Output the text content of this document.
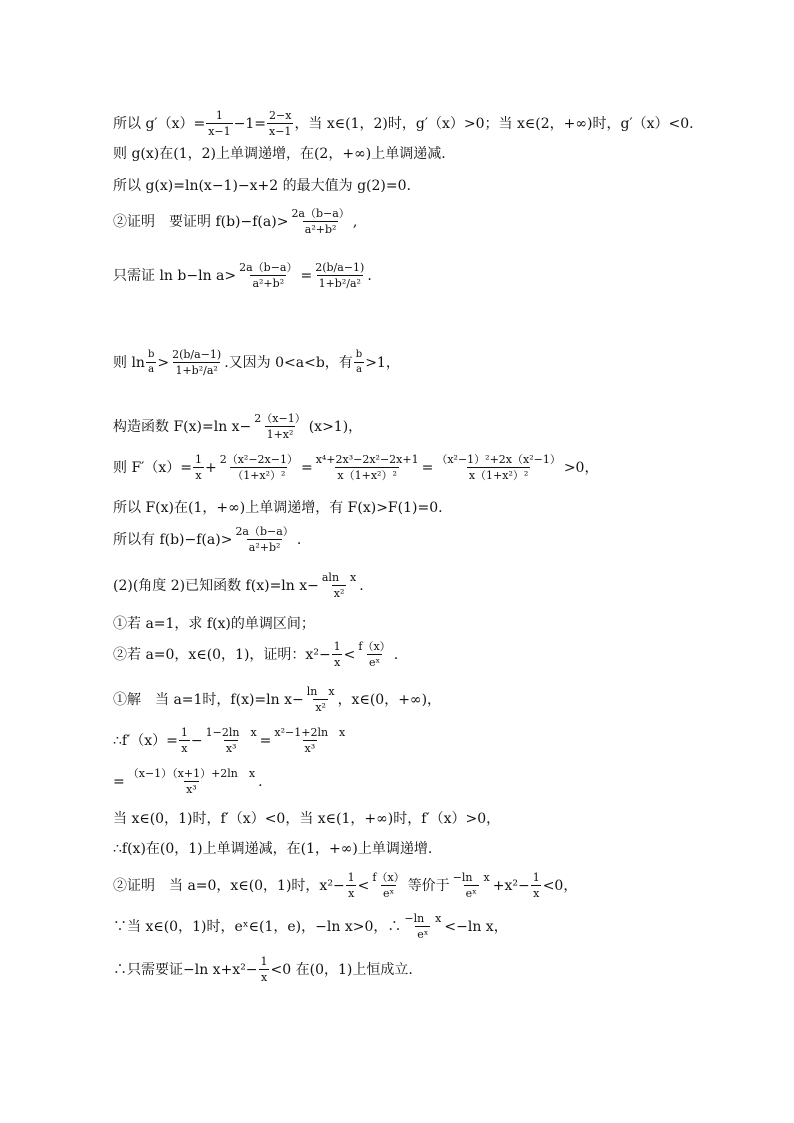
所以 $g'(x)= \frac{1}{x-1} -1= \frac{2-x}{x-1}$ ，当 x∈(1，2)时，g′（x）>0；当 x∈(2，+∞)时，g′（x）<0.
则 g(x)在(1，2)上单调递增，在(2，+∞)上单调递减.
所以 g(x)=ln(x−1)−x+2 的最大值为 g(2)=0.
②证明　要证明 $f(b)-f(a)> \frac{2a(b-a)}{\text{a²+b²}}$ ,
只需证 ln b−ln $a> \frac{2a(b-a)}{\text{a²+b²}} = \frac{2(b/a-1)}{\text{1+b²/a²}}$ .
则 $\ln \frac{b}{a} > \frac{2(b/a-1)}{\text{1+b²/a²}}$ .又因为 0<a<b，有 $\frac{b}{a} >1$，
构造函数 F(x)=ln $x- \frac{2(x-1)}{\text{1+x²}} (x>1)$，
则 $F'(x)= \frac{1}{x} + \frac{\text{2（x²−2x−1）}}{\text{（1+x²）²}} = \frac{\text{x⁴+2x³−2x²−2x+1}}{\text{x（1+x²）²}} = \frac{\text{（x²−1）²+2x（x²−1）}}{\text{x（1+x²）²}} >0$，
所以 F(x)在(1，+∞)上单调递增，有 F(x)>F(1)=0.
所以有 $f(b)-f(a)> \frac{2a(b-a)}{\text{a²+b²}}$ .
(2)(角度 2)已知函数 f(x)=ln $x- \frac{\text{aln　x}}{\text{x²}}$ .
①若 a=1，求 f(x)的单调区间；
②若 a=0，x∈(0，1)，证明：$x^2- \frac{1}{x} < \frac{f(x)}{\text{eˣ}}$ .
①解　当 a=1时，f(x)=ln $x- \frac{\text{ln　x}}{\text{x²}}$ ，x∈(0，+∞)，
∴f′（x）= $\frac{1}{x} - \frac{\text{1−2ln　x}}{\text{x³}} = \frac{\text{x²−1+2ln　x}}{\text{x³}}$
= $\frac{\text{（x−1）（x+1）+2ln　x}}{\text{x³}}$ .
当 x∈(0，1)时，f′（x）<0，当 x∈(1，+∞)时，f′（x）>0，
∴f(x)在(0，1)上单调递减，在(1，+∞)上单调递增.
②证明　当 a=0，x∈(0，1)时，$x^2- \frac{1}{x} < \frac{f(x)}{\text{eˣ}}$ 等价于 $\frac{\text{−ln　x}}{\text{eˣ}} +x^2- \frac{1}{x} <0$，
∵当 x∈(0，1)时，eˣ∈(1，e)，−ln x>0，∴ $\frac{\text{−ln　x}}{\text{eˣ}} <-\ln$ x，
∴只需要证−ln $x+x^2- \frac{1}{x} <0$ 在(0，1)上恒成立.
